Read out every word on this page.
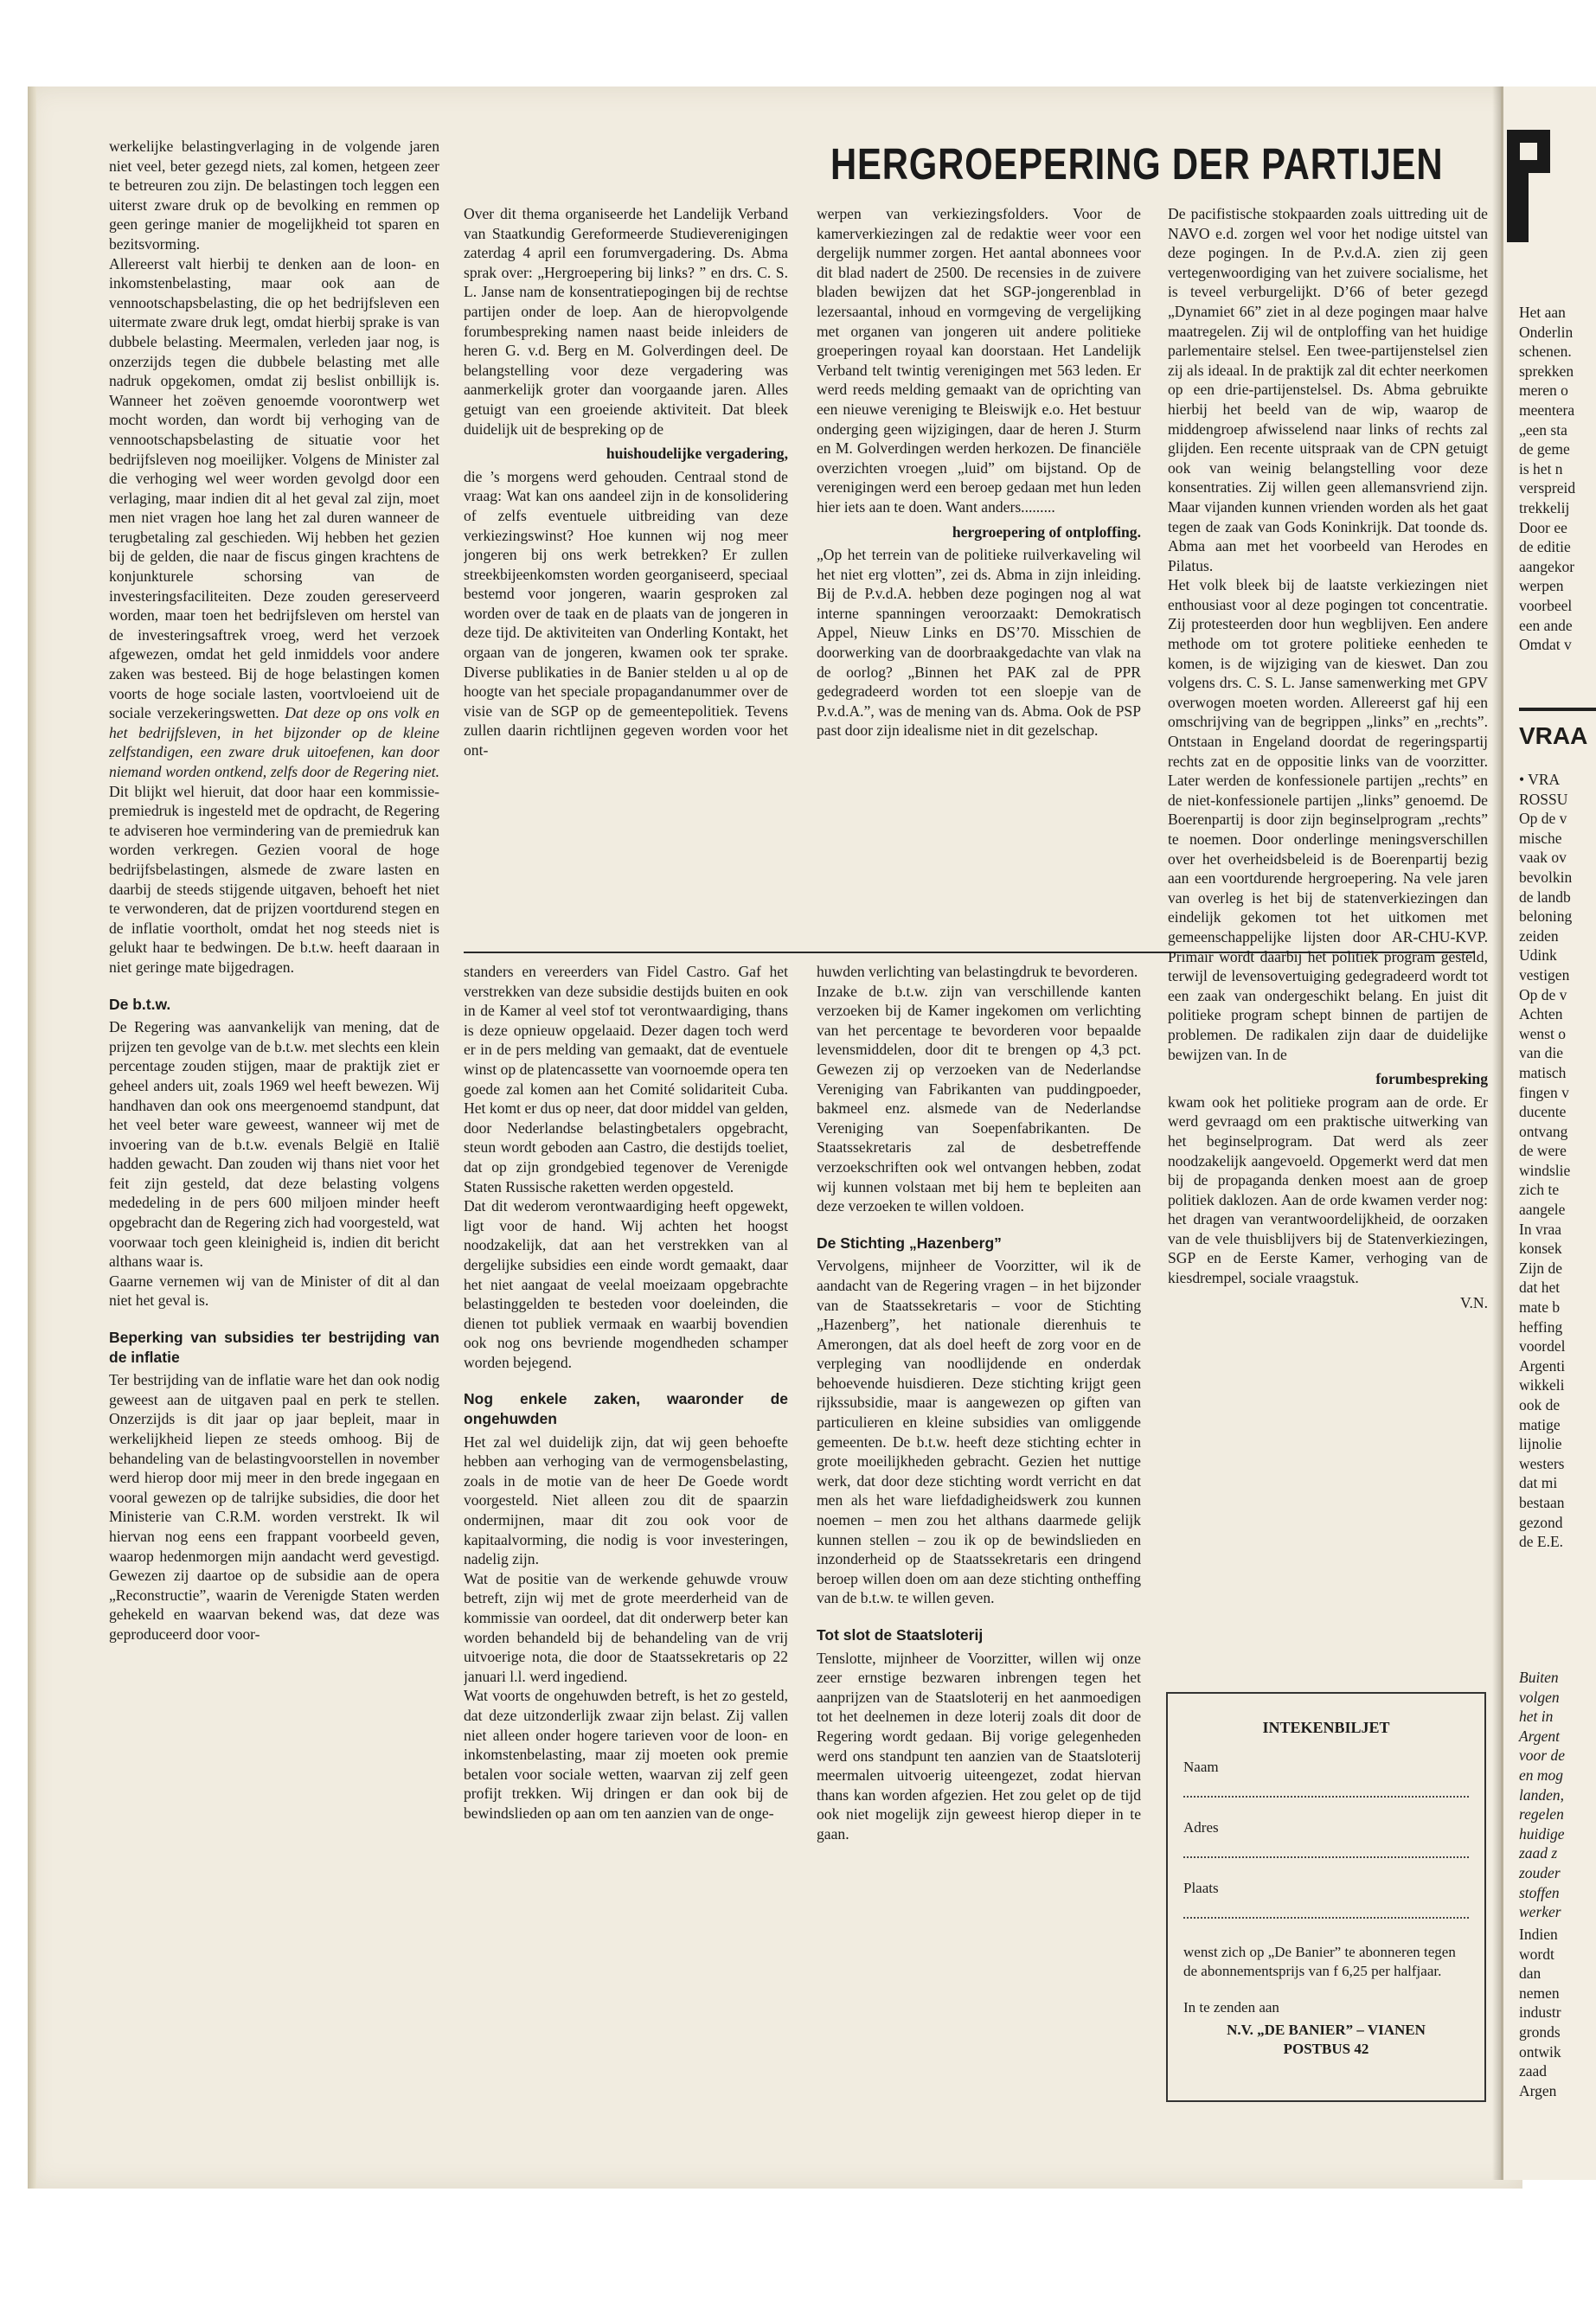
HERGROEPERING DER PARTIJEN

werkelijke belastingverlaging in de volgende jaren niet veel, beter gezegd niets, zal komen, hetgeen zeer te betreuren zou zijn. De belastingen toch leggen een uiterst zware druk op de bevolking en remmen op geen geringe manier de mogelijkheid tot sparen en bezitsvorming.

Allereerst valt hierbij te denken aan de loon- en inkomstenbelasting, maar ook aan de vennootschapsbelasting, die op het bedrijfsleven een uitermate zware druk legt, omdat hierbij sprake is van dubbele belasting. Meermalen, verleden jaar nog, is onzerzijds tegen die dubbele belasting met alle nadruk opgekomen, omdat zij beslist onbillijk is. Wanneer het zoëven genoemde voorontwerp wet mocht worden, dan wordt bij verhoging van de vennootschapsbelasting de situatie voor het bedrijfsleven nog moeilijker. Volgens de Minister zal die verhoging wel weer worden gevolgd door een verlaging, maar indien dit al het geval zal zijn, moet men niet vragen hoe lang het zal duren wanneer de terugbetaling zal geschieden. Wij hebben het gezien bij de gelden, die naar de fiscus gingen krachtens de konjunkturele schorsing van de investeringsfaciliteiten. Deze zouden gereserveerd worden, maar toen het bedrijfsleven om herstel van de investeringsaftrek vroeg, werd het verzoek afgewezen, omdat het geld inmiddels voor andere zaken was besteed. Bij de hoge belastingen komen voorts de hoge sociale lasten, voortvloeiend uit de sociale verzekeringswetten. Dat deze op ons volk en het bedrijfsleven, in het bijzonder op de kleine zelfstandigen, een zware druk uitoefenen, kan door niemand worden ontkend, zelfs door de Regering niet. Dit blijkt wel hieruit, dat door haar een kommissie-premiedruk is ingesteld met de opdracht, de Regering te adviseren hoe vermindering van de premiedruk kan worden verkregen. Gezien vooral de hoge bedrijfsbelastingen, alsmede de zware lasten en daarbij de steeds stijgende uitgaven, behoeft het niet te verwonderen, dat de prijzen voortdurend stegen en de inflatie voortholt, omdat het nog steeds niet is gelukt haar te bedwingen. De b.t.w. heeft daaraan in niet geringe mate bijgedragen.

De b.t.w.

De Regering was aanvankelijk van mening, dat de prijzen ten gevolge van de b.t.w. met slechts een klein percentage zouden stijgen, maar de praktijk ziet er geheel anders uit, zoals 1969 wel heeft bewezen. Wij handhaven dan ook ons meergenoemd standpunt, dat het veel beter ware geweest, wanneer wij met de invoering van de b.t.w. evenals België en Italië hadden gewacht. Dan zouden wij thans niet voor het feit zijn gesteld, dat deze belasting volgens mededeling in de pers 600 miljoen minder heeft opgebracht dan de Regering zich had voorgesteld, wat voorwaar toch geen kleinigheid is, indien dit bericht althans waar is.

Gaarne vernemen wij van de Minister of dit al dan niet het geval is.

Beperking van subsidies ter bestrijding van de inflatie

Ter bestrijding van de inflatie ware het dan ook nodig geweest aan de uitgaven paal en perk te stellen. Onzerzijds is dit jaar op jaar bepleit, maar in werkelijkheid liepen ze steeds omhoog. Bij de behandeling van de belastingvoorstellen in november werd hierop door mij meer in den brede ingegaan en vooral gewezen op de talrijke subsidies, die door het Ministerie van C.R.M. worden verstrekt. Ik wil hiervan nog eens een frappant voorbeeld geven, waarop hedenmorgen mijn aandacht werd gevestigd. Gewezen zij daartoe op de subsidie aan de opera „Reconstructie”, waarin de Verenigde Staten werden gehekeld en waarvan bekend was, dat deze was geproduceerd door voor-

Over dit thema organiseerde het Landelijk Verband van Staatkundig Gereformeerde Studieverenigingen zaterdag 4 april een forumvergadering. Ds. Abma sprak over: „Hergroepering bij links? ” en drs. C. S. L. Janse nam de konsentratiepogingen bij de rechtse partijen onder de loep. Aan de hieropvolgende forumbespreking namen naast beide inleiders de heren G. v.d. Berg en M. Golverdingen deel. De belangstelling voor deze vergadering was aanmerkelijk groter dan voorgaande jaren. Alles getuigt van een groeiende aktiviteit. Dat bleek duidelijk uit de bespreking op de

huishoudelijke vergadering,

die ’s morgens werd gehouden. Centraal stond de vraag: Wat kan ons aandeel zijn in de konsolidering of zelfs eventuele uitbreiding van deze verkiezingswinst? Hoe kunnen wij nog meer jongeren bij ons werk betrekken? Er zullen streekbijeenkomsten worden georganiseerd, speciaal bestemd voor jongeren, waarin gesproken zal worden over de taak en de plaats van de jongeren in deze tijd. De aktiviteiten van Onderling Kontakt, het orgaan van de jongeren, kwamen ook ter sprake. Diverse publikaties in de Banier stelden u al op de hoogte van het speciale propagandanummer over de visie van de SGP op de gemeentepolitiek. Tevens zullen daarin richtlijnen gegeven worden voor het ont-

werpen van verkiezingsfolders. Voor de kamerverkiezingen zal de redaktie weer voor een dergelijk nummer zorgen. Het aantal abonnees voor dit blad nadert de 2500. De recensies in de zuivere bladen bewijzen dat het SGP-jongerenblad in lezersaantal, inhoud en vormgeving de vergelijking met organen van jongeren uit andere politieke groeperingen royaal kan doorstaan. Het Landelijk Verband telt twintig verenigingen met 563 leden. Er werd reeds melding gemaakt van de oprichting van een nieuwe vereniging te Bleiswijk e.o. Het bestuur onderging geen wijzigingen, daar de heren J. Sturm en M. Golverdingen werden herkozen. De financiële overzichten vroegen „luid” om bijstand. Op de verenigingen werd een beroep gedaan met hun leden hier iets aan te doen. Want anders.........

hergroepering of ontploffing.

„Op het terrein van de politieke ruilverkaveling wil het niet erg vlotten”, zei ds. Abma in zijn inleiding. Bij de P.v.d.A. hebben deze pogingen nog al wat interne spanningen veroorzaakt: Demokratisch Appel, Nieuw Links en DS’70. Misschien de doorwerking van de doorbraakgedachte van vlak na de oorlog? „Binnen het PAK zal de PPR gedegradeerd worden tot een sloepje van de P.v.d.A.”, was de mening van ds. Abma. Ook de PSP past door zijn idealisme niet in dit gezelschap.

De pacifistische stokpaarden zoals uittreding uit de NAVO e.d. zorgen wel voor het nodige uitstel van deze pogingen. In de P.v.d.A. zien zij geen vertegenwoordiging van het zuivere socialisme, het is teveel verburgelijkt. D’66 of beter gezegd „Dynamiet 66” ziet in al deze pogingen maar halve maatregelen. Zij wil de ontploffing van het huidige parlementaire stelsel. Een twee-partijenstelsel zien zij als ideaal. In de praktijk zal dit echter neerkomen op een drie-partijenstelsel. Ds. Abma gebruikte hierbij het beeld van de wip, waarop de middengroep afwisselend naar links of rechts zal glijden. Een recente uitspraak van de CPN getuigt ook van weinig belangstelling voor deze konsentraties. Zij willen geen allemansvriend zijn. Maar vijanden kunnen vrienden worden als het gaat tegen de zaak van Gods Koninkrijk. Dat toonde ds. Abma aan met het voorbeeld van Herodes en Pilatus.

Het volk bleek bij de laatste verkiezingen niet enthousiast voor al deze pogingen tot concentratie. Zij protesteerden door hun wegblijven. Een andere methode om tot grotere politieke eenheden te komen, is de wijziging van de kieswet. Dan zou volgens drs. C. S. L. Janse samenwerking met GPV overwogen moeten worden. Allereerst gaf hij een omschrijving van de begrippen „links” en „rechts”. Ontstaan in Engeland doordat de regeringspartij rechts zat en de oppositie links van de voorzitter. Later werden de konfessionele partijen „rechts” en de niet-konfessionele partijen „links” genoemd. De Boerenpartij is door zijn beginselprogram „rechts” te noemen. Door onderlinge meningsverschillen over het overheidsbeleid is de Boerenpartij bezig aan een voortdurende hergroepering. Na vele jaren van overleg is het bij de statenverkiezingen dan eindelijk gekomen tot het uitkomen met gemeenschappelijke lijsten door AR-CHU-KVP. Primair wordt daarbij het politiek program gesteld, terwijl de levensovertuiging gedegradeerd wordt tot een zaak van ondergeschikt belang. En juist dit politieke program schept binnen de partijen de problemen. De radikalen zijn daar de duidelijke bewijzen van. In de

forumbespreking

kwam ook het politieke program aan de orde. Er werd gevraagd om een praktische uitwerking van het beginselprogram. Dat werd als zeer noodzakelijk aangevoeld. Opgemerkt werd dat men bij de propaganda denken moest aan de groep politiek daklozen. Aan de orde kwamen verder nog: het dragen van verantwoordelijkheid, de oorzaken van de vele thuisblijvers bij de Statenverkiezingen, SGP en de Eerste Kamer, verhoging van de kiesdrempel, sociale vraagstuk.

V.N.

standers en vereerders van Fidel Castro. Gaf het verstrekken van deze subsidie destijds buiten en ook in de Kamer al veel stof tot verontwaardiging, thans is deze opnieuw opgelaaid. Dezer dagen toch werd er in de pers melding van gemaakt, dat de eventuele winst op de platencassette van voornoemde opera ten goede zal komen aan het Comité solidariteit Cuba. Het komt er dus op neer, dat door middel van gelden, door Nederlandse belastingbetalers opgebracht, steun wordt geboden aan Castro, die destijds toeliet, dat op zijn grondgebied tegenover de Verenigde Staten Russische raketten werden opgesteld.

Dat dit wederom verontwaardiging heeft opgewekt, ligt voor de hand. Wij achten het hoogst noodzakelijk, dat aan het verstrekken van al dergelijke subsidies een einde wordt gemaakt, daar het niet aangaat de veelal moeizaam opgebrachte belastinggelden te besteden voor doeleinden, die dienen tot publiek vermaak en waarbij bovendien ook nog ons bevriende mogendheden schamper worden bejegend.

Nog enkele zaken, waaronder de ongehuwden

Het zal wel duidelijk zijn, dat wij geen behoefte hebben aan verhoging van de vermogensbelasting, zoals in de motie van de heer De Goede wordt voorgesteld. Niet alleen zou dit de spaarzin ondermijnen, maar dit zou ook voor de kapitaalvorming, die nodig is voor investeringen, nadelig zijn.

Wat de positie van de werkende gehuwde vrouw betreft, zijn wij met de grote meerderheid van de kommissie van oordeel, dat dit onderwerp beter kan worden behandeld bij de behandeling van de vrij uitvoerige nota, die door de Staatssekretaris op 22 januari l.l. werd ingediend.

Wat voorts de ongehuwden betreft, is het zo gesteld, dat deze uitzonderlijk zwaar zijn belast. Zij vallen niet alleen onder hogere tarieven voor de loon- en inkomstenbelasting, maar zij moeten ook premie betalen voor sociale wetten, waarvan zij zelf geen profijt trekken. Wij dringen er dan ook bij de bewindslieden op aan om ten aanzien van de onge-

huwden verlichting van belastingdruk te bevorderen.

Inzake de b.t.w. zijn van verschillende kanten verzoeken bij de Kamer ingekomen om verlichting van het percentage te bevorderen voor bepaalde levensmiddelen, door dit te brengen op 4,3 pct. Gewezen zij op verzoeken van de Nederlandse Vereniging van Fabrikanten van puddingpoeder, bakmeel enz. alsmede van de Nederlandse Vereniging van Soepenfabrikanten. De Staatssekretaris zal de desbetreffende verzoekschriften ook wel ontvangen hebben, zodat wij kunnen volstaan met bij hem te bepleiten aan deze verzoeken te willen voldoen.

De Stichting „Hazenberg”

Vervolgens, mijnheer de Voorzitter, wil ik de aandacht van de Regering vragen – in het bijzonder van de Staatssekretaris – voor de Stichting „Hazenberg”, het nationale dierenhuis te Amerongen, dat als doel heeft de zorg voor en de verpleging van noodlijdende en onderdak behoevende huisdieren. Deze stichting krijgt geen rijkssubsidie, maar is aangewezen op giften van particulieren en kleine subsidies van omliggende gemeenten. De b.t.w. heeft deze stichting echter in grote moeilijkheden gebracht. Gezien het nuttige werk, dat door deze stichting wordt verricht en dat men als het ware liefdadigheidswerk zou kunnen noemen – men zou het althans daarmede gelijk kunnen stellen – zou ik op de bewindslieden en inzonderheid op de Staatssekretaris een dringend beroep willen doen om aan deze stichting ontheffing van de b.t.w. te willen geven.

Tot slot de Staatsloterij

Tenslotte, mijnheer de Voorzitter, willen wij onze zeer ernstige bezwaren inbrengen tegen het aanprijzen van de Staatsloterij en het aanmoedigen tot het deelnemen in deze loterij zoals dit door de Regering wordt gedaan. Bij vorige gelegenheden werd ons standpunt ten aanzien van de Staatsloterij meermalen uitvoerig uiteengezet, zodat hiervan thans kan worden afgezien. Het zou gelet op de tijd ook niet mogelijk zijn geweest hierop dieper in te gaan.

INTEKENBILJET
Naam
Adres
Plaats
wenst zich op „De Banier” te abonneren tegen de abonnementsprijs van f 6,25 per halfjaar.
In te zenden aan
N.V. „DE BANIER” – VIANEN
POSTBUS 42
Het aan
Onderlin
schenen.
sprekken
meren o
meentera
„een sta
de geme
is het n
verspreid
trekkelij
Door ee
de editie
aangekor
werpen
voorbeel
een ande
Omdat v
VRAA
• VRA
ROSSU
Op de v
mische
vaak ov
bevolkin
de landb
beloning
zeiden
Udink
vestigen
Op de v
Achten
wenst o
van die
matisch
fingen v
ducente
ontvang
de were
windslie
zich te
aangele
In vraa
konsek
Zijn de
dat het
mate b
heffing
voordel
Argenti
wikkeli
ook de
matige
lijnolie
westers
dat mi
bestaan
gezond
de E.E.
Buiten
volgen
het in
Argent
voor de
en mog
landen,
regelen
huidige
zaad z
zouder
stoffen
werker
Indien
wordt
dan
nemen
industr
gronds
ontwik
zaad
Argen
